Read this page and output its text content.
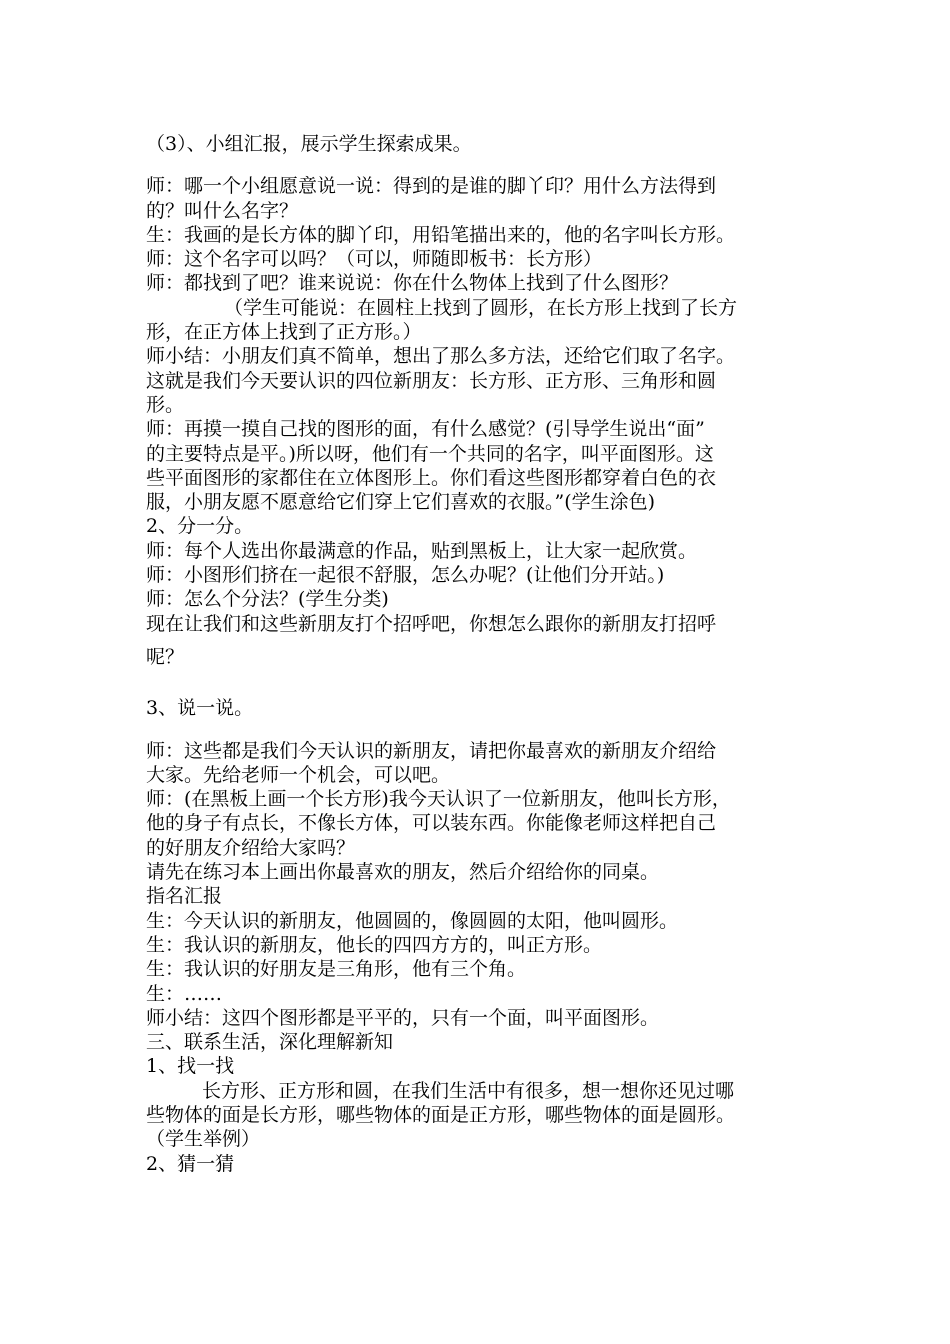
（3）、小组汇报，展示学生探索成果。
师：哪一个小组愿意说一说：得到的是谁的脚丫印？用什么方法得到
的？叫什么名字？
生：我画的是长方体的脚丫印，用铅笔描出来的，他的名字叫长方形。
师：这个名字可以吗？（可以，师随即板书：长方形）
师：都找到了吧？谁来说说：你在什么物体上找到了什么图形？
（学生可能说：在圆柱上找到了圆形，在长方形上找到了长方
形，在正方体上找到了正方形。）
师小结：小朋友们真不简单，想出了那么多方法，还给它们取了名字。
这就是我们今天要认识的四位新朋友：长方形、正方形、三角形和圆
形。
师：再摸一摸自己找的图形的面，有什么感觉？(引导学生说出“面”
的主要特点是平。)所以呀，他们有一个共同的名字，叫平面图形。这
些平面图形的家都住在立体图形上。你们看这些图形都穿着白色的衣
服，小朋友愿不愿意给它们穿上它们喜欢的衣服。”(学生涂色)
2、分一分。
师：每个人选出你最满意的作品，贴到黑板上，让大家一起欣赏。
师：小图形们挤在一起很不舒服，怎么办呢？(让他们分开站。)
师：怎么个分法？(学生分类)
现在让我们和这些新朋友打个招呼吧，你想怎么跟你的新朋友打招呼
呢？
3、说一说。
师：这些都是我们今天认识的新朋友，请把你最喜欢的新朋友介绍给
大家。先给老师一个机会，可以吧。
师：(在黑板上画一个长方形)我今天认识了一位新朋友，他叫长方形，
他的身子有点长，不像长方体，可以装东西。你能像老师这样把自己
的好朋友介绍给大家吗？
请先在练习本上画出你最喜欢的朋友，然后介绍给你的同桌。
指名汇报
生：今天认识的新朋友，他圆圆的，像圆圆的太阳，他叫圆形。
生：我认识的新朋友，他长的四四方方的，叫正方形。
生：我认识的好朋友是三角形，他有三个角。
生：……
师小结：这四个图形都是平平的，只有一个面，叫平面图形。
三、联系生活，深化理解新知
1、找一找
长方形、正方形和圆，在我们生活中有很多，想一想你还见过哪
些物体的面是长方形，哪些物体的面是正方形，哪些物体的面是圆形。
（学生举例）
2、猜一猜
